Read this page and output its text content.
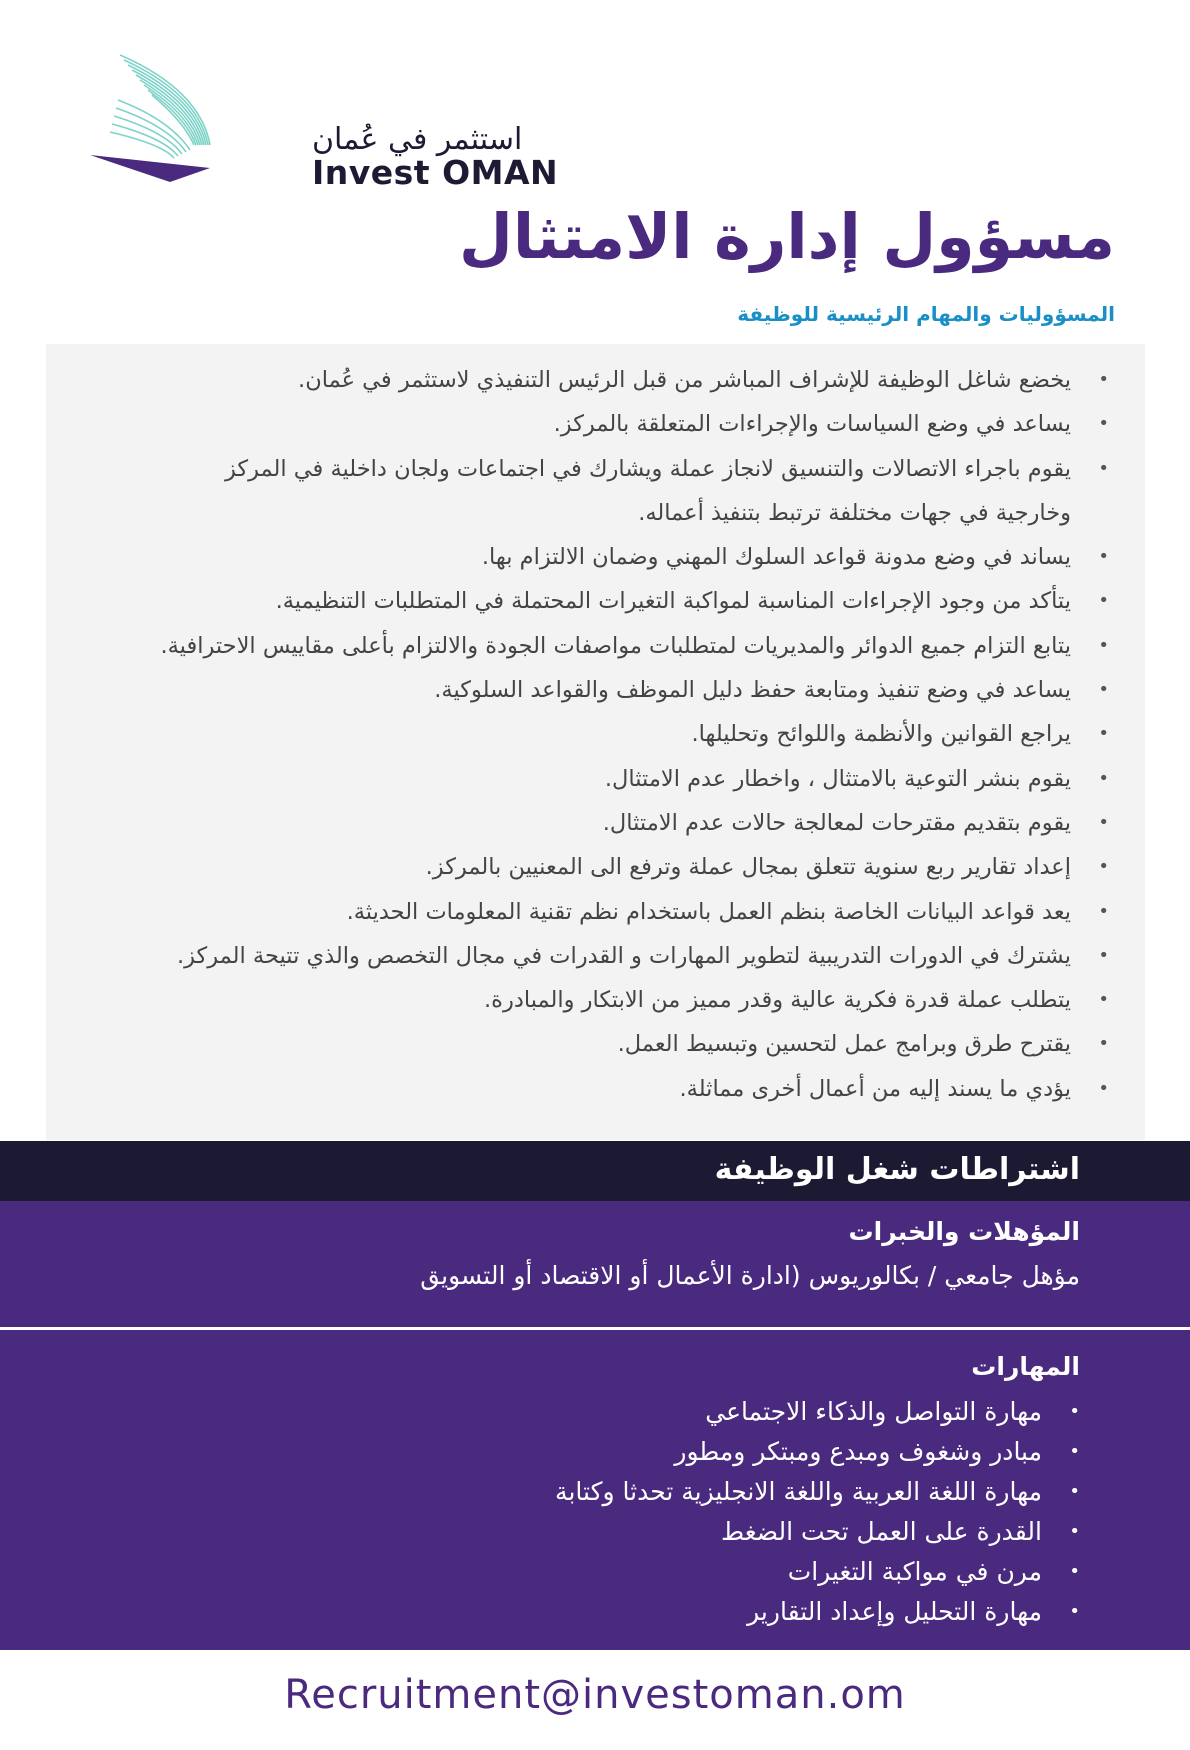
استثمر في عُمان
Invest OMAN
مسؤول إدارة الامتثال
المسؤوليات والمهام الرئيسية للوظيفة
•
يخضع شاغل الوظيفة للإشراف المباشر من قبل الرئيس التنفيذي لاستثمر في عُمان.
•
يساعد في وضع السياسات والإجراءات المتعلقة بالمركز.
•
يقوم باجراء الاتصالات والتنسيق لانجاز عملة ويشارك في اجتماعات ولجان داخلية في المركز
وخارجية في جهات مختلفة ترتبط بتنفيذ أعماله.
•
يساند في وضع مدونة قواعد السلوك المهني وضمان الالتزام بها.
•
يتأكد من وجود الإجراءات المناسبة لمواكبة التغيرات المحتملة في المتطلبات التنظيمية.
•
يتابع التزام جميع الدوائر والمديريات لمتطلبات مواصفات الجودة والالتزام بأعلى مقاييس الاحترافية.
•
يساعد في وضع تنفيذ ومتابعة حفظ دليل الموظف والقواعد السلوكية.
•
يراجع القوانين والأنظمة واللوائح وتحليلها.
•
يقوم بنشر التوعية بالامتثال ، واخطار عدم الامتثال.
•
يقوم بتقديم مقترحات لمعالجة حالات عدم الامتثال.
•
إعداد تقارير ربع سنوية تتعلق بمجال عملة وترفع الى المعنيين بالمركز.
•
يعد قواعد البيانات الخاصة بنظم العمل باستخدام نظم تقنية المعلومات الحديثة.
•
يشترك في الدورات التدريبية لتطوير المهارات و القدرات في مجال التخصص والذي تتيحة المركز.
•
يتطلب عملة قدرة فكرية عالية وقدر مميز من الابتكار والمبادرة.
•
يقترح طرق وبرامج عمل لتحسين وتبسيط العمل.
•
يؤدي ما يسند إليه من أعمال أخرى مماثلة.
اشتراطات شغل الوظيفة
المؤهلات والخبرات
مؤهل جامعي / بكالوريوس (ادارة الأعمال أو الاقتصاد أو التسويق
المهارات
•
مهارة التواصل والذكاء الاجتماعي
•
مبادر وشغوف ومبدع ومبتكر ومطور
•
مهارة اللغة العربية واللغة الانجليزية تحدثا وكتابة
•
القدرة على العمل تحت الضغط
•
مرن في مواكبة التغيرات
•
مهارة التحليل وإعداد التقارير
Recruitment@investoman.om
